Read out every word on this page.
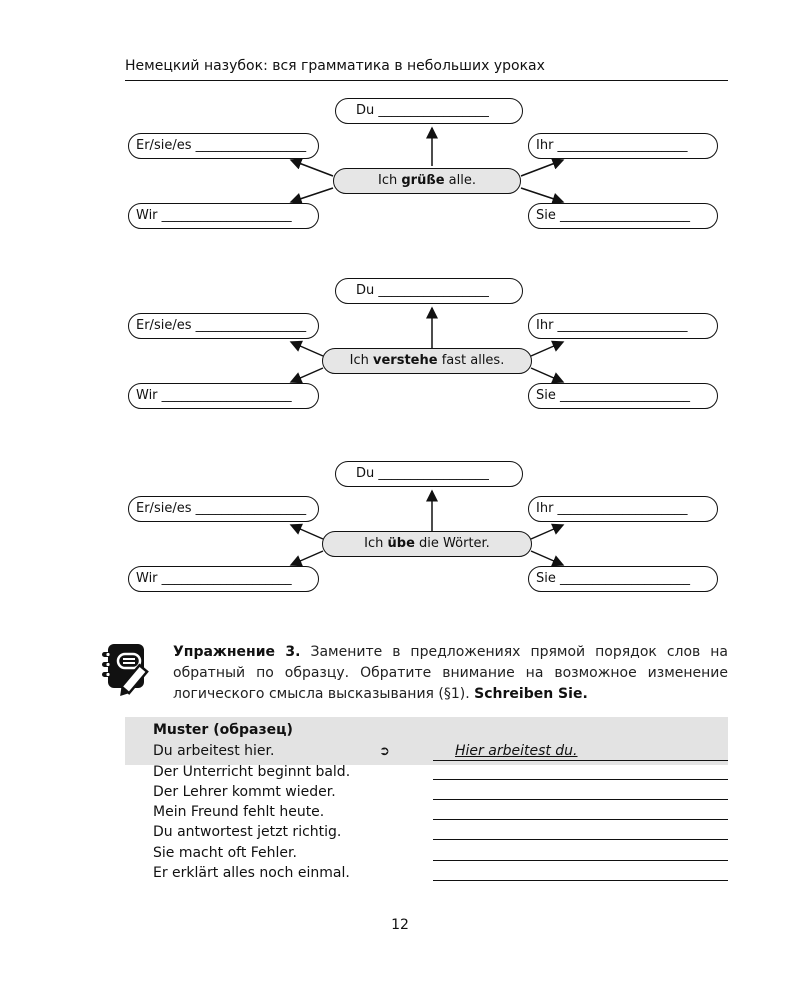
Немецкий назубок: вся грамматика в небольших уроках
Du _________________
Er/sie/es _________________	Ihr ____________________
Wir ____________________	Sie ____________________
Ich grüße alle.
Du _________________
Er/sie/es _________________	Ihr ____________________
Wir ____________________	Sie ____________________
Ich verstehe fast alles.
Du _________________
Er/sie/es _________________	Ihr ____________________
Wir ____________________	Sie ____________________
Ich übe die Wörter.
Упражнение 3. Замените в предложениях прямой порядок слов на обратный по образцу. Обратите внимание на возможное изменение логического смысла высказывания (§1). Schreiben Sie.
Muster (образец)
Du arbeitest hier.	➲	Hier arbeitest du.
Der Unterricht beginnt bald.
Der Lehrer kommt wieder.
Mein Freund fehlt heute.
Du antwortest jetzt richtig.
Sie macht oft Fehler.
Er erklärt alles noch einmal.
12
